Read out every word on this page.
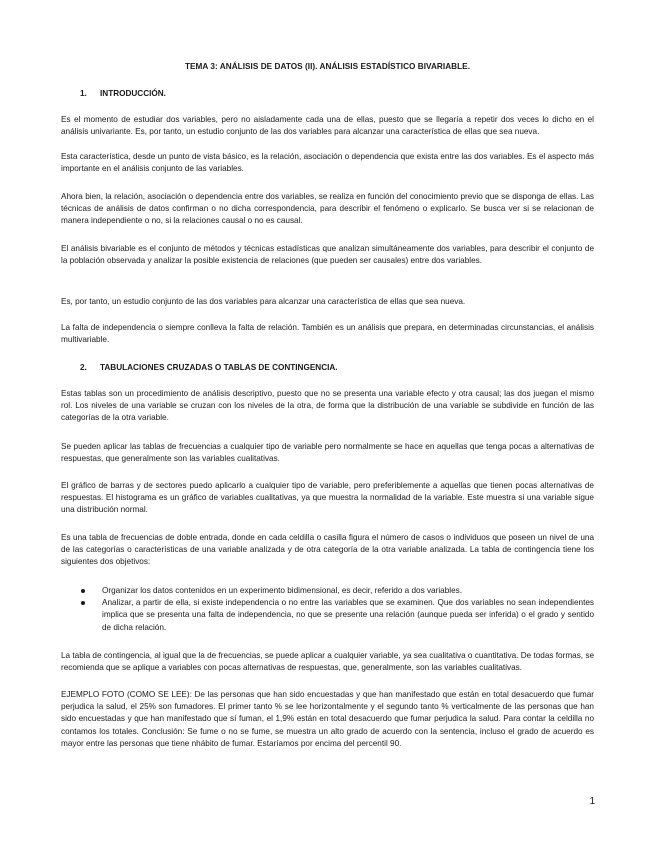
TEMA 3: ANÁLISIS DE DATOS (II). ANÁLISIS ESTADÍSTICO BIVARIABLE.
1. INTRODUCCIÓN.

Es el momento de estudiar dos variables, pero no aisladamente cada una de ellas, puesto que se llegaría a repetir dos veces lo dicho en el análisis univariante. Es, por tanto, un estudio conjunto de las dos variables para alcanzar una característica de ellas que sea nueva.

Esta característica, desde un punto de vista básico, es la relación, asociación o dependencia que exista entre las dos variables. Es el aspecto más importante en el análisis conjunto de las variables.

Ahora bien, la relación, asociación o dependencia entre dos variables, se realiza en función del conocimiento previo que se disponga de ellas. Las técnicas de análisis de datos confirman o no dicha correspondencia, para describir el fenómeno o explicarlo. Se busca ver si se relacionan de manera independiente o no, si la relaciones causal o no es causal.

El análisis bivariable es el conjunto de métodos y técnicas estadísticas que analizan simultáneamente dos variables, para describir el conjunto de la población observada y analizar la posible existencia de relaciones (que pueden ser causales) entre dos variables.

Es, por tanto, un estudio conjunto de las dos variables para alcanzar una característica de ellas que sea nueva.

La falta de independencia o siempre conlleva la falta de relación. También es un análisis que prepara, en determinadas circunstancias, el análisis multivariable.

2. TABULACIONES CRUZADAS O TABLAS DE CONTINGENCIA.

Estas tablas son un procedimiento de análisis descriptivo, puesto que no se presenta una variable efecto y otra causal; las dos juegan el mismo rol. Los niveles de una variable se cruzan con los niveles de la otra, de forma que la distribución de una variable se subdivide en función de las categorías de la otra variable.

Se pueden aplicar las tablas de frecuencias a cualquier tipo de variable pero normalmente se hace en aquellas que tenga pocas a alternativas de respuestas, que generalmente son las variables cualitativas.

El gráfico de barras y de sectores puedo aplicarlo a cualquier tipo de variable, pero preferiblemente a aquellas que tienen pocas alternativas de respuestas. El histograma es un gráfico de variables cualitativas, ya que muestra la normalidad de la variable. Este muestra si una variable sigue una distribución normal.

Es una tabla de frecuencias de doble entrada, donde en cada celdilla o casilla figura el número de casos o individuos que poseen un nivel de una de las categorías o características de una variable analizada y de otra categoría de la otra variable analizada. La tabla de contingencia tiene los siguientes dos objetivos:

Organizar los datos contenidos en un experimento bidimensional, es decir, referido a dos variables.
Analizar, a partir de ella, si existe independencia o no entre las variables que se examinen. Que dos variables no sean independientes implica que se presenta una falta de independencia, no que se presente una relación (aunque pueda ser inferida) o el grado y sentido de dicha relación.

La tabla de contingencia, al igual que la de frecuencias, se puede aplicar a cualquier variable, ya sea cualitativa o cuantitativa. De todas formas, se recomienda que se aplique a variables con pocas alternativas de respuestas, que, generalmente, son las variables cualitativas.

EJEMPLO FOTO (COMO SE LEE): De las personas que han sido encuestadas y que han manifestado que están en total desacuerdo que fumar perjudica la salud, el 25% son fumadores. El primer tanto % se lee horizontalmente y el segundo tanto % verticalmente de las personas que han sido encuestadas y que han manifestado que sí fuman, el 1,9% están en total desacuerdo que fumar perjudica la salud. Para contar la celdilla no contamos los totales. Conclusión: Se fume o no se fume, se muestra un alto grado de acuerdo con la sentencia, incluso el grado de acuerdo es mayor entre las personas que tiene nhábito de fumar. Estaríamos por encima del percentil 90.

1
